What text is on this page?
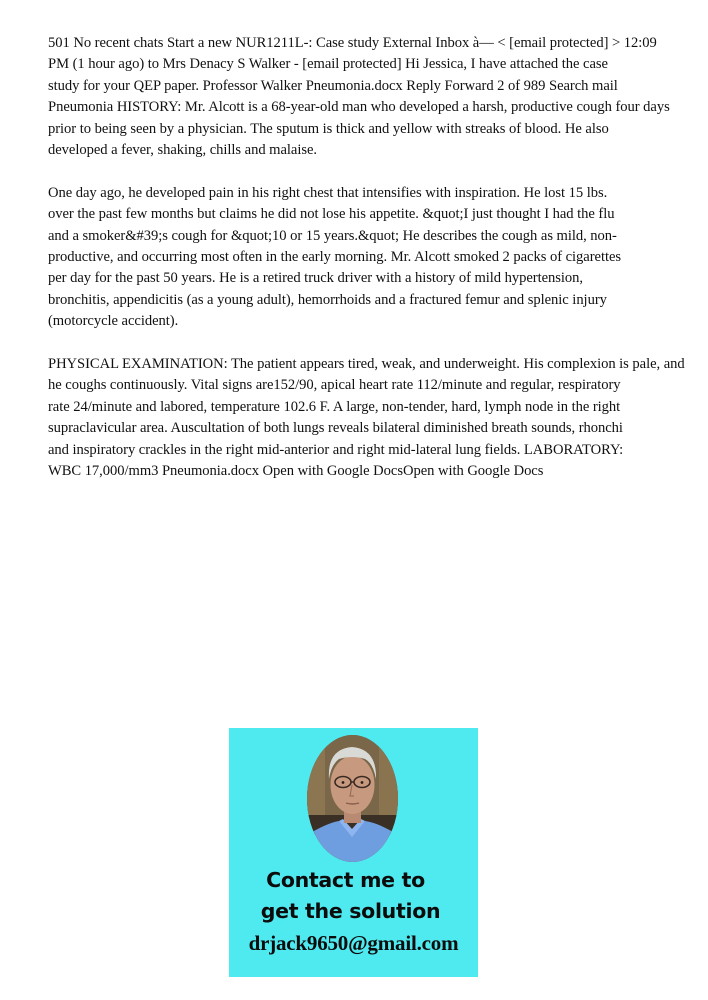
501 No recent chats Start a new NUR1211L-: Case study External Inbox à— < [email protected] > 12:09
PM (1 hour ago) to Mrs Denacy S Walker - [email protected] Hi Jessica, I have attached the case
study for your QEP paper. Professor Walker Pneumonia.docx Reply Forward 2 of 989 Search mail
Pneumonia HISTORY: Mr. Alcott is a 68-year-old man who developed a harsh, productive cough four days
prior to being seen by a physician. The sputum is thick and yellow with streaks of blood. He also
developed a fever, shaking, chills and malaise.

One day ago, he developed pain in his right chest that intensifies with inspiration. He lost 15 lbs.
over the past few months but claims he did not lose his appetite. &quot;I just thought I had the flu
and a smoker&#39;s cough for &quot;10 or 15 years.&quot; He describes the cough as mild, non-
productive, and occurring most often in the early morning. Mr. Alcott smoked 2 packs of cigarettes
per day for the past 50 years. He is a retired truck driver with a history of mild hypertension,
bronchitis, appendicitis (as a young adult), hemorrhoids and a fractured femur and splenic injury
(motorcycle accident).

PHYSICAL EXAMINATION: The patient appears tired, weak, and underweight. His complexion is pale, and
he coughs continuously. Vital signs are152/90, apical heart rate 112/minute and regular, respiratory
rate 24/minute and labored, temperature 102.6 F. A large, non-tender, hard, lymph node in the right
supraclavicular area. Auscultation of both lungs reveals bilateral diminished breath sounds, rhonchi
and inspiratory crackles in the right mid-anterior and right mid-lateral lung fields. LABORATORY:
WBC 17,000/mm3 Pneumonia.docx Open with Google DocsOpen with Google Docs

Contact me to
get the solution
drjack9650@gmail.com
